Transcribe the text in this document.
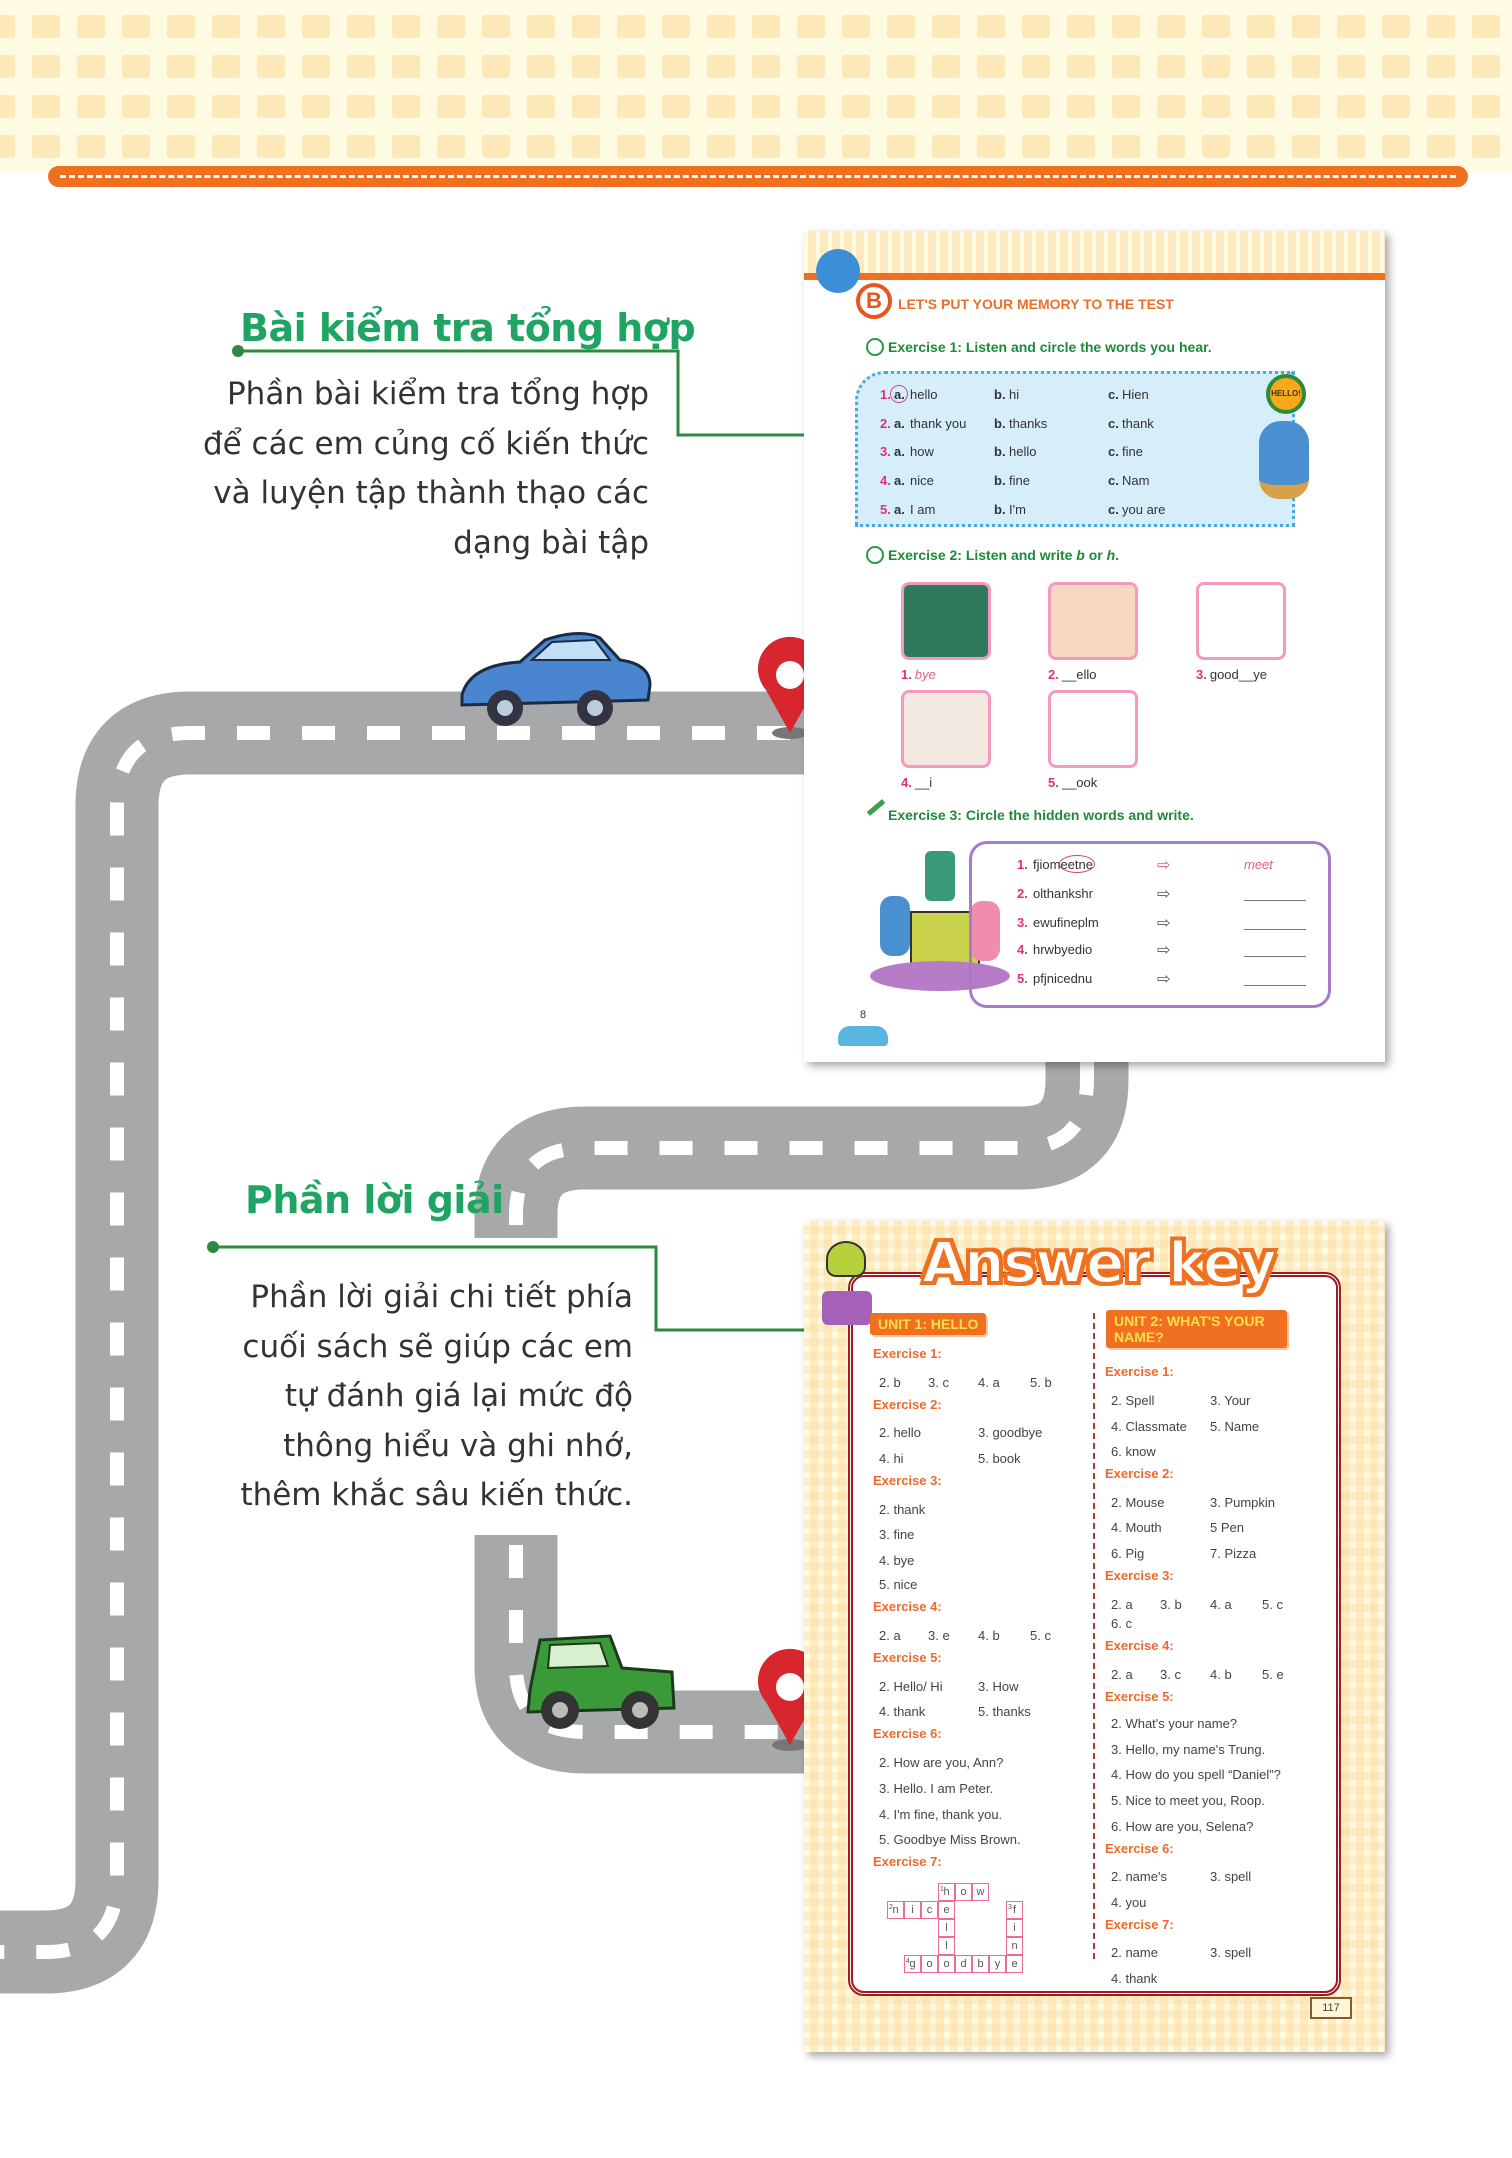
Bài kiểm tra tổng hợp
Phần bài kiểm tra tổng hợp
để các em củng cố kiến thức
và luyện tập thành thạo các
dạng bài tập
Phần lời giải
Phần lời giải chi tiết phía
cuối sách sẽ giúp các em
tự đánh giá lại mức độ
thông hiểu và ghi nhớ,
thêm khắc sâu kiến thức.
B	LET'S PUT YOUR MEMORY TO THE TEST
Exercise 1: Listen and circle the words you hear.
HELLO!
Exercise 2: Listen and write b or h.
Exercise 3: Circle the hidden words and write.
8
1. a. hello	b. hi	c. Hien
2. a. thank you b. thanks	c. thank
3. a. how	b. hello	c. fine
4. a. nice	b. fine	c. Nam
5. a. I am	b. I'm	c. you are
1. bye	2. __ello	3. good__ye
4. __i	5. __ook
1. fjiomeetne	⇨	meet
2. olthankshr	⇨
3. ewufineplm	⇨
4. hrwbyedio	⇨
5. pfjnicednu	⇨
Answer key
UNIT 1: HELLO	UNIT 2: WHAT'S YOUR NAME?
117
Exercise 1:
2. b 3. c 4. a 5. b
Exercise 2:
2. hello	3. goodbye
4. hi	5. book
Exercise 3:
2. thank
3. fine
4. bye
5. nice
Exercise 4:
2. a 3. e 4. b 5. c
Exercise 5:
2. Hello/ Hi	3. How
4. thank	5. thanks
Exercise 6:
2. How are you, Ann?
3. Hello. I am Peter.
4. I'm fine, thank you.
5. Goodbye Miss Brown.
Exercise 7:
1 h o w
2 n	i	c	e	3 f
l	i
l	n
4 g o o d b	y	e
Exercise 1:
2. Spell	3. Your
4. Classmate 5. Name
6. know
Exercise 2:
2. Mouse	3. Pumpkin
4. Mouth	5 Pen
6. Pig	7. Pizza
Exercise 3:
2. a 3. b 4. a 5. c
6. c
Exercise 4:
2. a 3. c 4. b 5. e
Exercise 5:
2. What's your name?
3. Hello, my name's Trung.
4. How do you spell “Daniel”?
5. Nice to meet you, Roop.
6. How are you, Selena?
Exercise 6:
2. name's	3. spell
4. you
Exercise 7:
2. name	3. spell
4. thank
